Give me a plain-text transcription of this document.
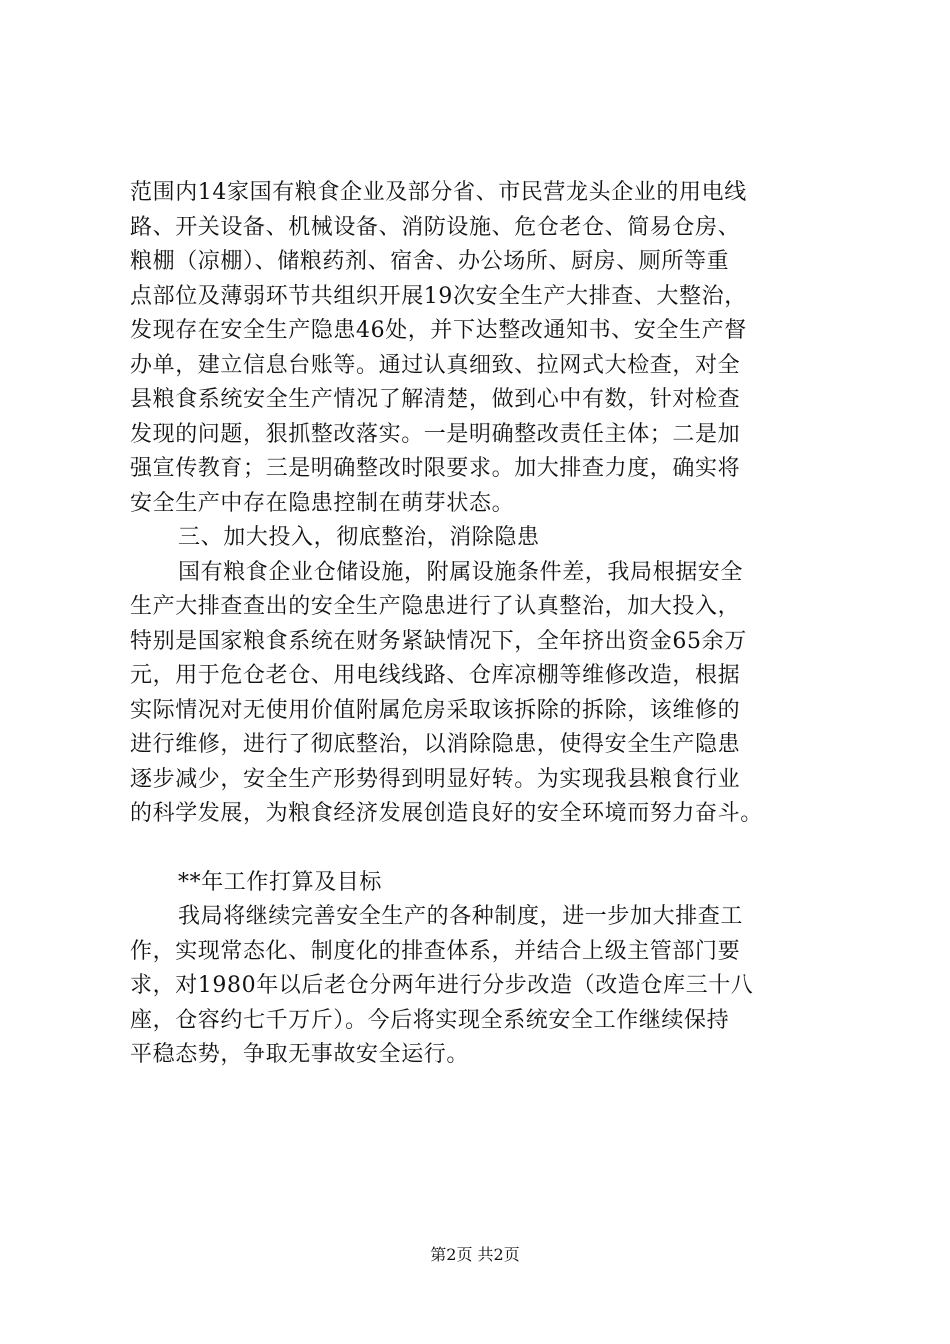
范围内14家国有粮食企业及部分省、市民营龙头企业的用电线
路、开关设备、机械设备、消防设施、危仓老仓、简易仓房、
粮棚（凉棚）、储粮药剂、宿舍、办公场所、厨房、厕所等重
点部位及薄弱环节共组织开展19次安全生产大排查、大整治，
发现存在安全生产隐患46处，并下达整改通知书、安全生产督
办单，建立信息台账等。通过认真细致、拉网式大检查，对全
县粮食系统安全生产情况了解清楚，做到心中有数，针对检查
发现的问题，狠抓整改落实。一是明确整改责任主体；二是加
强宣传教育；三是明确整改时限要求。加大排查力度，确实将
安全生产中存在隐患控制在萌芽状态。
三、加大投入，彻底整治，消除隐患
国有粮食企业仓储设施，附属设施条件差，我局根据安全
生产大排查查出的安全生产隐患进行了认真整治，加大投入，
特别是国家粮食系统在财务紧缺情况下，全年挤出资金65余万
元，用于危仓老仓、用电线线路、仓库凉棚等维修改造，根据
实际情况对无使用价值附属危房采取该拆除的拆除，该维修的
进行维修，进行了彻底整治，以消除隐患，使得安全生产隐患
逐步减少，安全生产形势得到明显好转。为实现我县粮食行业
的科学发展，为粮食经济发展创造良好的安全环境而努力奋斗。
**年工作打算及目标
我局将继续完善安全生产的各种制度，进一步加大排查工
作，实现常态化、制度化的排查体系，并结合上级主管部门要
求，对1980年以后老仓分两年进行分步改造（改造仓库三十八
座，仓容约七千万斤）。今后将实现全系统安全工作继续保持
平稳态势，争取无事故安全运行。
第2页 共2页
